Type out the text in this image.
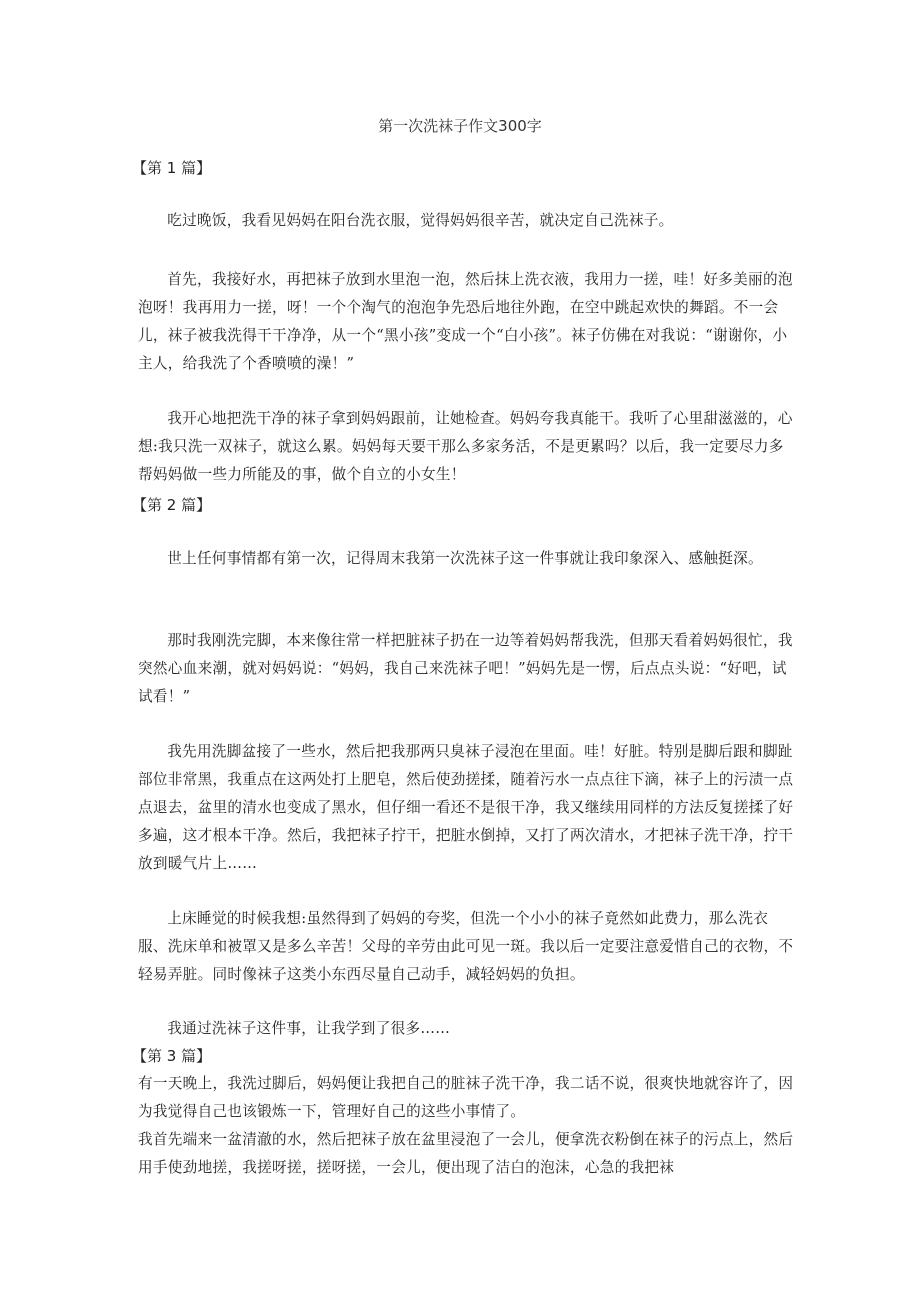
第一次洗袜子作文300字
【第 1 篇】

吃过晚饭，我看见妈妈在阳台洗衣服，觉得妈妈很辛苦，就决定自己洗袜子。

首先，我接好水，再把袜子放到水里泡一泡，然后抹上洗衣液，我用力一搓，哇！好多美丽的泡泡呀！我再用力一搓，呀！一个个淘气的泡泡争先恐后地往外跑，在空中跳起欢快的舞蹈。不一会儿，袜子被我洗得干干净净，从一个“黑小孩”变成一个“白小孩”。袜子仿佛在对我说：“谢谢你，小主人，给我洗了个香喷喷的澡！”

我开心地把洗干净的袜子拿到妈妈跟前，让她检查。妈妈夸我真能干。我听了心里甜滋滋的，心想:我只洗一双袜子，就这么累。妈妈每天要干那么多家务活，不是更累吗？以后，我一定要尽力多帮妈妈做一些力所能及的事，做个自立的小女生！

【第 2 篇】

世上任何事情都有第一次，记得周末我第一次洗袜子这一件事就让我印象深入、感触挺深。

那时我刚洗完脚，本来像往常一样把脏袜子扔在一边等着妈妈帮我洗，但那天看着妈妈很忙，我突然心血来潮，就对妈妈说：“妈妈，我自己来洗袜子吧！”妈妈先是一愣，后点点头说：“好吧，试试看！”

我先用洗脚盆接了一些水，然后把我那两只臭袜子浸泡在里面。哇！好脏。特别是脚后跟和脚趾部位非常黑，我重点在这两处打上肥皂，然后使劲搓揉，随着污水一点点往下滴，袜子上的污渍一点点退去，盆里的清水也变成了黑水，但仔细一看还不是很干净，我又继续用同样的方法反复搓揉了好多遍，这才根本干净。然后，我把袜子拧干，把脏水倒掉，又打了两次清水，才把袜子洗干净，拧干放到暖气片上……

上床睡觉的时候我想:虽然得到了妈妈的夸奖，但洗一个小小的袜子竟然如此费力，那么洗衣服、洗床单和被罩又是多么辛苦！父母的辛劳由此可见一斑。我以后一定要注意爱惜自己的衣物，不轻易弄脏。同时像袜子这类小东西尽量自己动手，减轻妈妈的负担。

我通过洗袜子这件事，让我学到了很多……

【第 3 篇】

有一天晚上，我洗过脚后，妈妈便让我把自己的脏袜子洗干净，我二话不说，很爽快地就容许了，因为我觉得自己也该锻炼一下，管理好自己的这些小事情了。

我首先端来一盆清澈的水，然后把袜子放在盆里浸泡了一会儿，便拿洗衣粉倒在袜子的污点上，然后用手使劲地搓，我搓呀搓，搓呀搓，一会儿，便出现了洁白的泡沫，心急的我把袜
